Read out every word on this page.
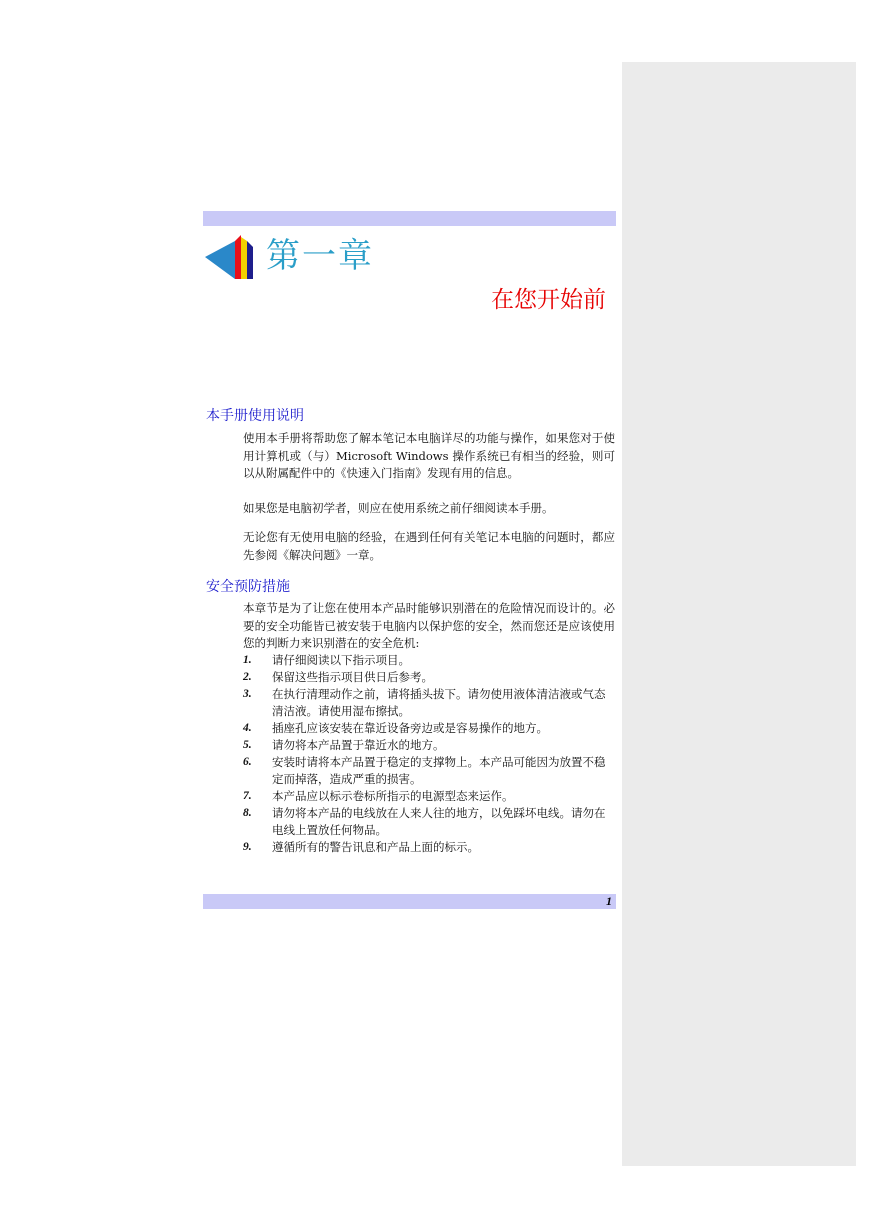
第一章
在您开始前
本手册使用说明

使用本手册将帮助您了解本笔记本电脑详尽的功能与操作，如果您对于使用计算机或（与）Microsoft Windows 操作系统已有相当的经验，则可以从附属配件中的《快速入门指南》发现有用的信息。

如果您是电脑初学者，则应在使用系统之前仔细阅读本手册。

无论您有无使用电脑的经验，在遇到任何有关笔记本电脑的问题时，都应先参阅《解决问题》一章。

安全预防措施

本章节是为了让您在使用本产品时能够识别潜在的危险情况而设计的。必要的安全功能皆已被安装于电脑内以保护您的安全，然而您还是应该使用您的判断力来识别潜在的安全危机:

1. 请仔细阅读以下指示项目。
2. 保留这些指示项目供日后参考。
3. 在执行清理动作之前，请将插头拔下。请勿使用液体清洁液或气态清洁液。请使用湿布擦拭。
4. 插座孔应该安装在靠近设备旁边或是容易操作的地方。
5. 请勿将本产品置于靠近水的地方。
6. 安装时请将本产品置于稳定的支撑物上。本产品可能因为放置不稳定而掉落，造成严重的损害。
7. 本产品应以标示卷标所指示的电源型态来运作。
8. 请勿将本产品的电线放在人来人往的地方，以免踩坏电线。请勿在电线上置放任何物品。
9. 遵循所有的警告讯息和产品上面的标示。
1
